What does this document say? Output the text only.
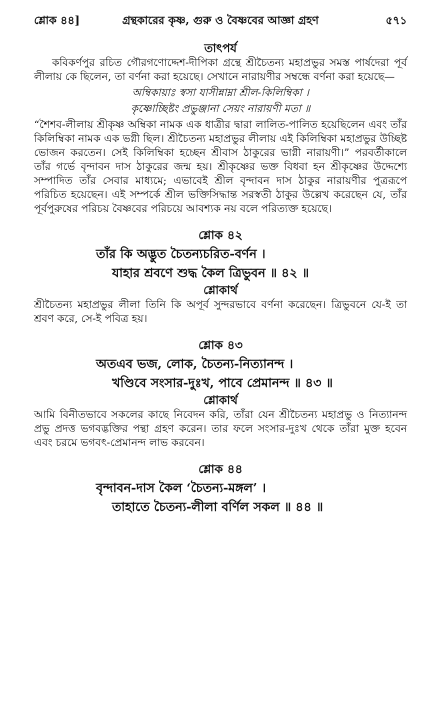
শ্লোক ৪৪]	গ্রন্থকারের কৃষ্ণ, গুরু ও বৈষ্ণবের আজ্ঞা গ্রহণ	৫৭১

তাৎপর্য

কবিকর্ণপুর রচিত গৌরগণোদ্দেশ-দীপিকা গ্রন্থে শ্রীচৈতন্য মহাপ্রভুর সমস্ত পার্ষদেরা পূর্ব লীলায় কে ছিলেন, তা বর্ণনা করা হয়েছে। সেখানে নারায়ণীর সম্বন্ধে বর্ণনা করা হয়েছে—

অম্বিকায়াঃ স্বসা যাসীন্নাম্না শ্রীল-কিলিম্বিকা ।

কৃষ্ণোচ্ছিষ্টং প্রভুঞ্জানা সেয়ং নারায়ণী মতা ॥

“শৈশব-লীলায় শ্রীকৃষ্ণ অম্বিকা নামক এক ধাত্রীর দ্বারা লালিত-পালিত হয়েছিলেন এবং তাঁর কিলিম্বিকা নামক এক ভগ্নী ছিল। শ্রীচৈতন্য মহাপ্রভুর লীলায় এই কিলিম্বিকা মহাপ্রভুর উচ্ছিষ্ট ভোজন করতেন। সেই কিলিম্বিকা হচ্ছেন শ্রীবাস ঠাকুরের ভাগ্নী নারায়ণী।” পরবর্তীকালে তাঁর গর্ভে বৃন্দাবন দাস ঠাকুরের জন্ম হয়। শ্রীকৃষ্ণের ভক্ত বিধবা হন শ্রীকৃষ্ণের উদ্দেশ্যে সম্পাদিত তাঁর সেবার মাধ্যমে; এভাবেই শ্রীল বৃন্দাবন দাস ঠাকুর নারায়ণীর পুত্ররূপে পরিচিত হয়েছেন। এই সম্পর্কে শ্রীল ভক্তিসিদ্ধান্ত সরস্বতী ঠাকুর উল্লেখ করেছেন যে, তাঁর পূর্বপুরুষের পরিচয় বৈষ্ণবের পরিচয়ে আবশ্যক নয় বলে পরিত্যক্ত হয়েছে।

শ্লোক ৪২

তাঁর কি অদ্ভুত চৈতন্যচরিত-বর্ণন ।

যাহার শ্রবণে শুদ্ধ কৈল ত্রিভুবন ॥ ৪২ ॥

শ্লোকার্থ

শ্রীচৈতন্য মহাপ্রভুর লীলা তিনি কি অপূর্ব সুন্দরভাবে বর্ণনা করেছেন। ত্রিভুবনে যে-ই তা শ্রবণ করে, সে-ই পবিত্র হয়।

শ্লোক ৪৩

অতএব ভজ, লোক, চৈতন্য-নিত্যানন্দ ।

খণ্ডিবে সংসার-দুঃখ, পাবে প্রেমানন্দ ॥ ৪৩ ॥

শ্লোকার্থ

আমি বিনীতভাবে সকলের কাছে নিবেদন করি, তাঁরা যেন শ্রীচৈতন্য মহাপ্রভু ও নিত্যানন্দ প্রভু প্রদত্ত ভগবদ্ভক্তির পন্থা গ্রহণ করেন। তার ফলে সংসার-দুঃখ থেকে তাঁরা মুক্ত হবেন এবং চরমে ভগবৎ-প্রেমানন্দ লাভ করবেন।

শ্লোক ৪৪

বৃন্দাবন-দাস কৈল ‘চৈতন্য-মঙ্গল’ ।

তাহাতে চৈতন্য-লীলা বর্ণিল সকল ॥ ৪৪ ॥
